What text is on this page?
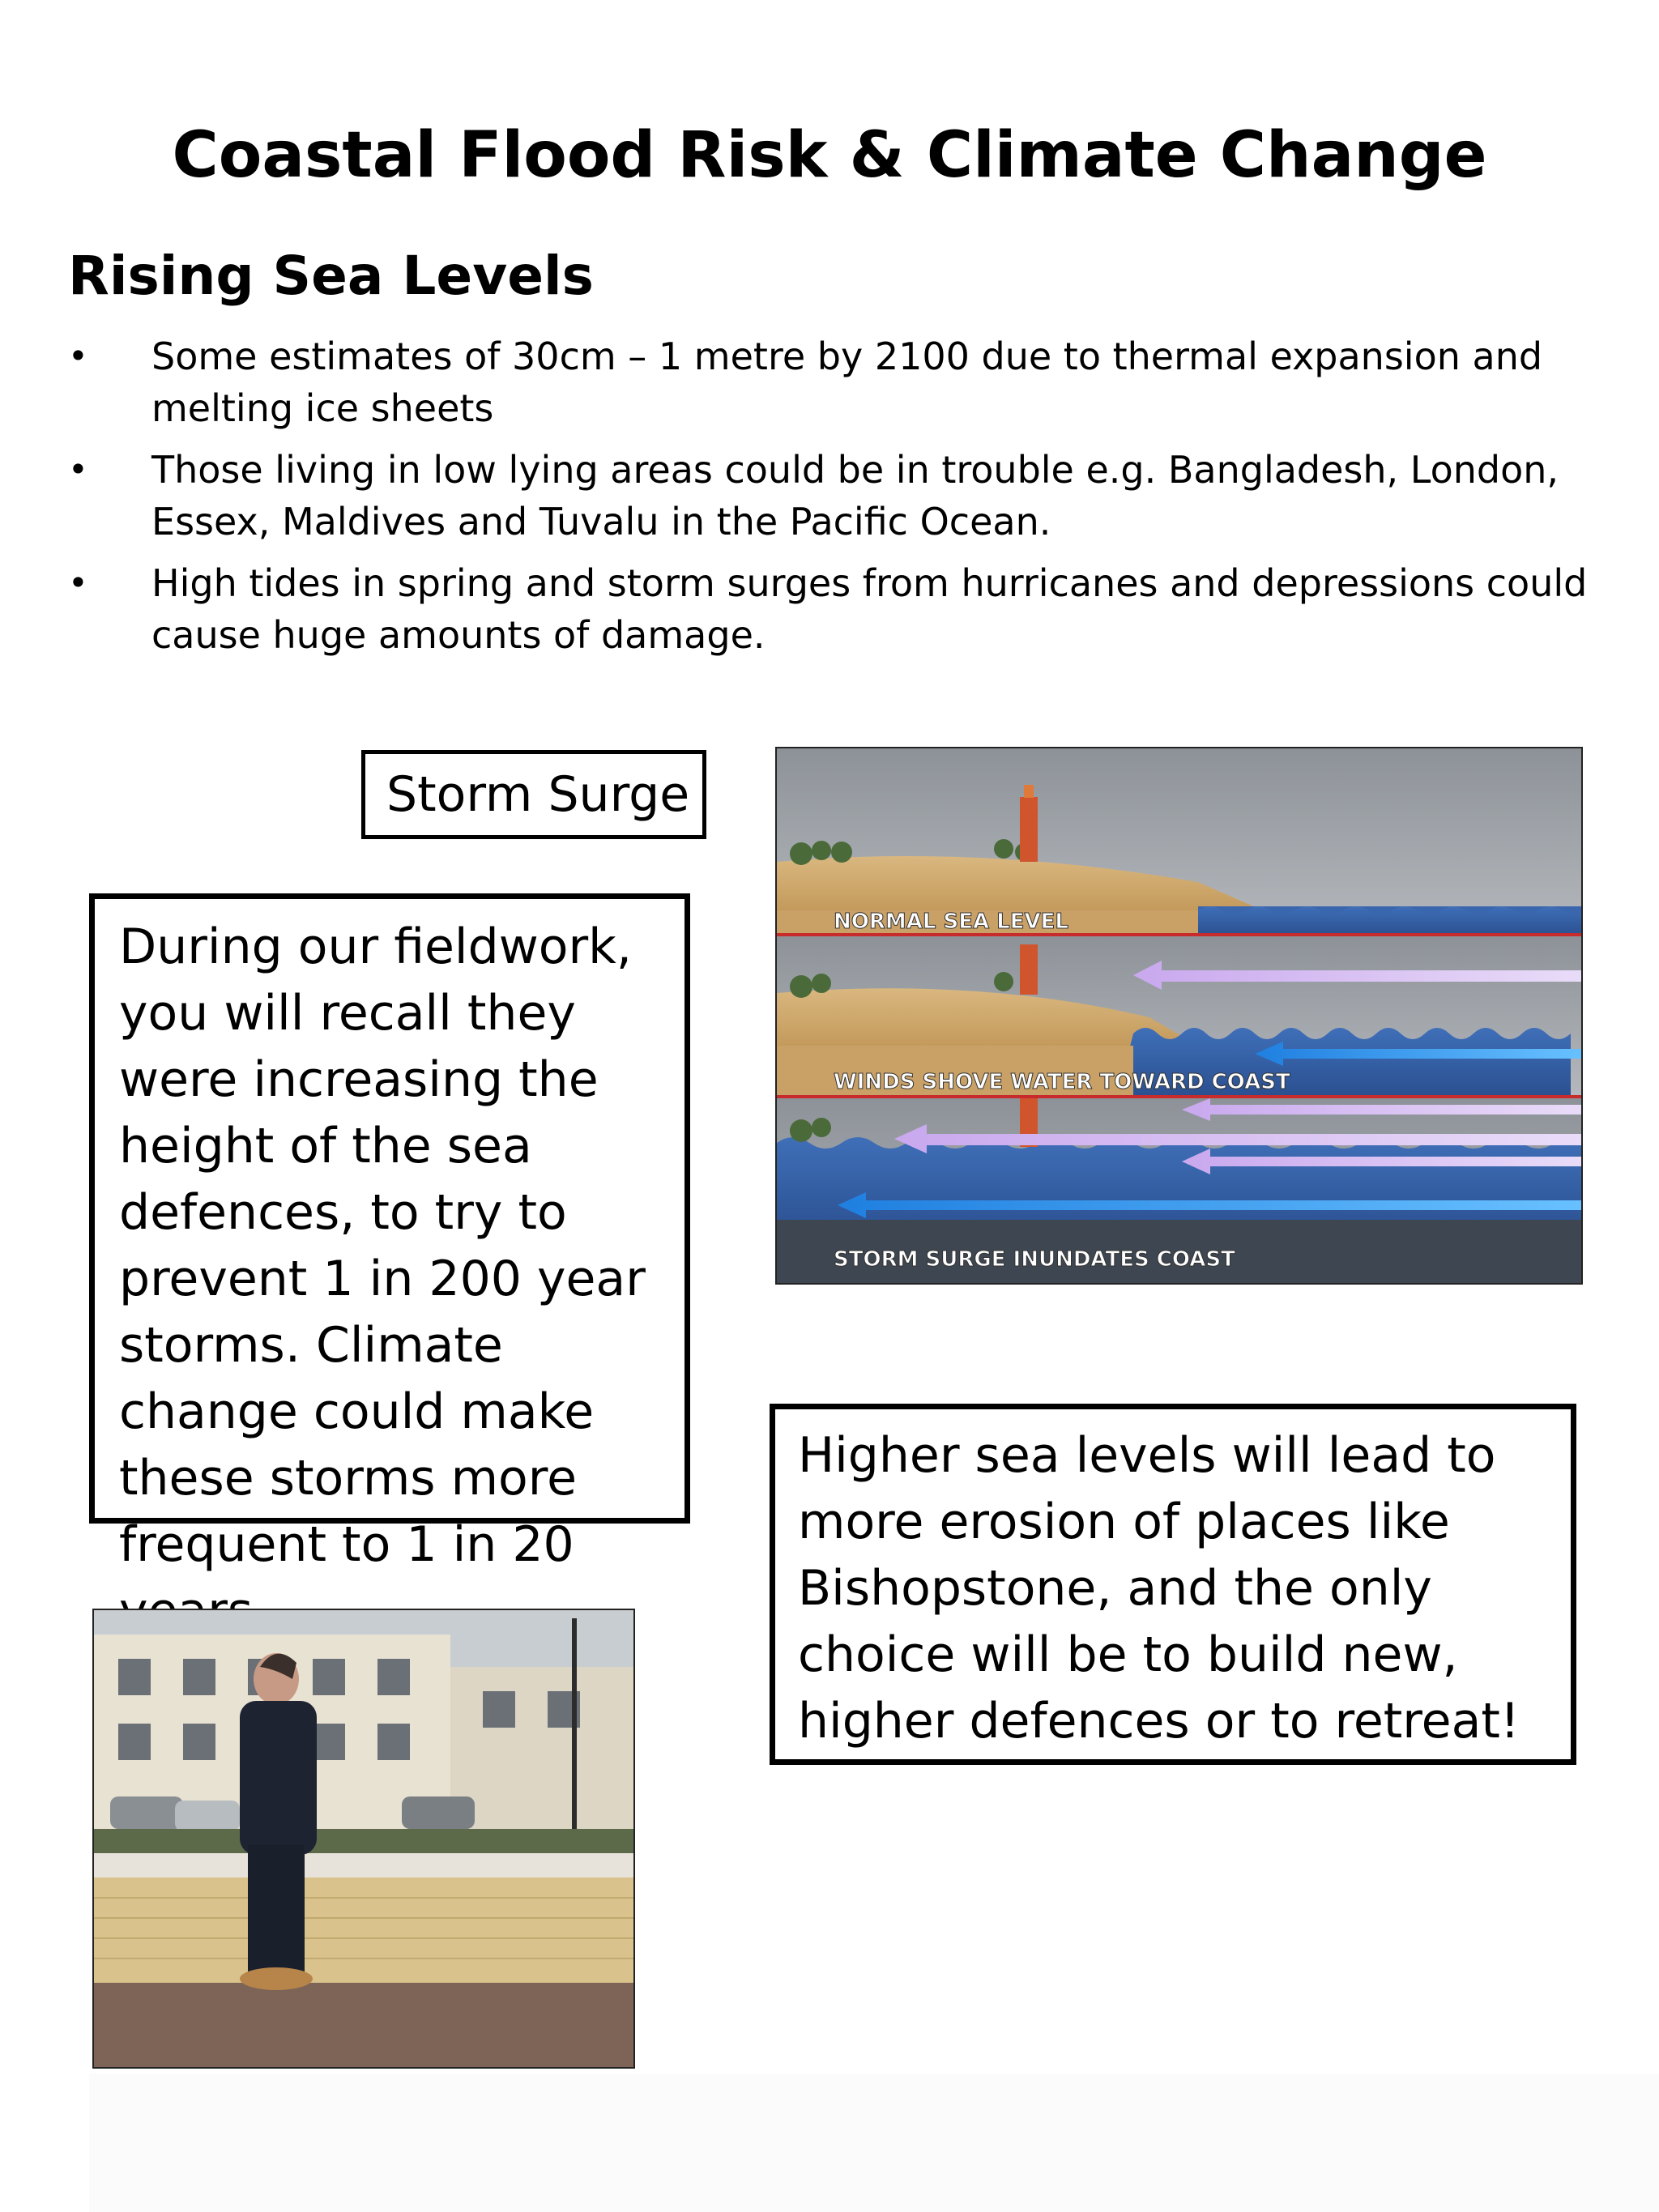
Coastal Flood Risk & Climate Change
Rising Sea Levels
• Some estimates of 30cm – 1 metre by 2100 due to thermal expansion and melting ice sheets
• Those living in low lying areas could be in trouble e.g. Bangladesh, London, Essex, Maldives and Tuvalu in the Pacific Ocean.
• High tides in spring and storm surges from hurricanes and depressions could cause huge amounts of damage.
Storm Surge
During our fieldwork, you will recall they were increasing the height of the sea defences, to try to prevent 1 in 200 year storms. Climate change could make these storms more frequent to 1 in 20
Higher sea levels will lead to more erosion of places like Bishopstone, and the only choice will be to build new, higher defences or to retreat!
NORMAL SEA LEVEL
WINDS SHOVE WATER TOWARD COAST
STORM SURGE INUNDATES COAST
